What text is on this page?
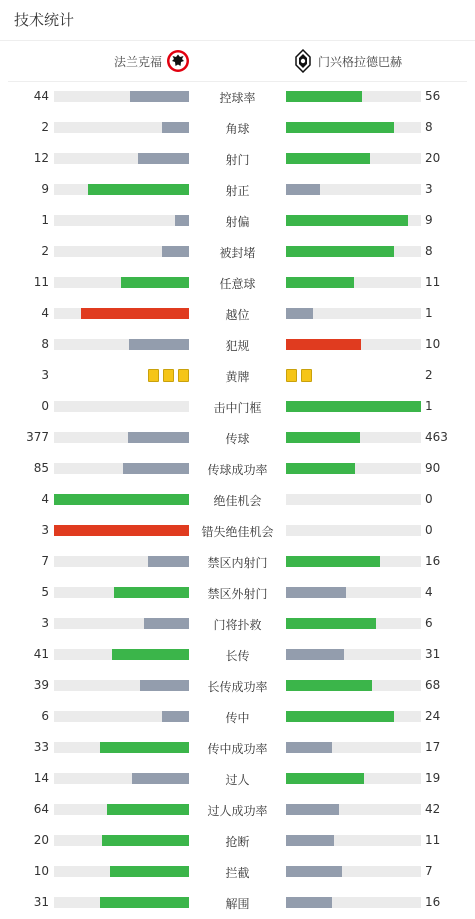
技术统计
法兰克福	门兴格拉德巴赫
44	控球率	56
2	角球	8
12	射门	20
9	射正	3
1	射偏	9
2	被封堵	8
11	任意球	11
4	越位	1
8	犯规	10
3	黄牌	2
0	击中门框	1
377	传球	463
85	传球成功率	90
4	绝佳机会	0
3	错失绝佳机会	0
7	禁区内射门	16
5	禁区外射门	4
3	门将扑救	6
41	长传	31
39	长传成功率	68
6	传中	24
33	传中成功率	17
14	过人	19
64	过人成功率	42
20	抢断	11
10	拦截	7
31	解围	16
